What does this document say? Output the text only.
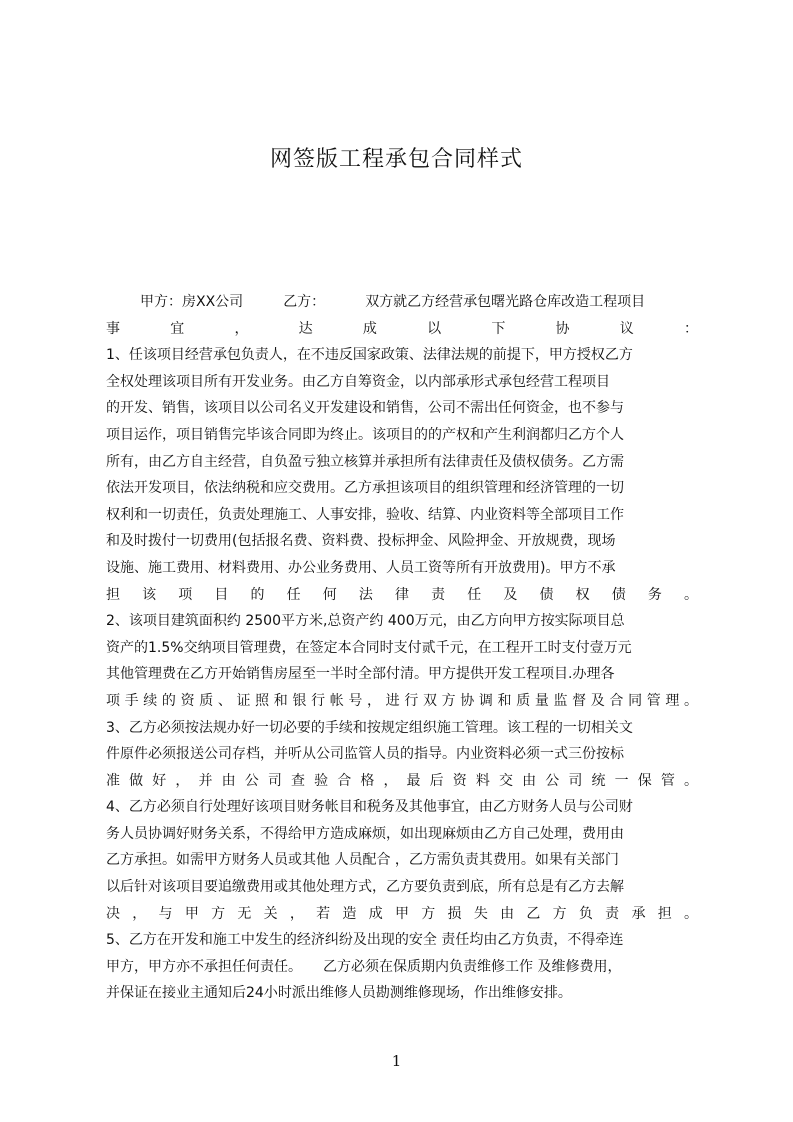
网签版工程承包合同样式
甲方：房XX公司	乙方：	双方就乙方经营承包曙光路仓库改造工程项目
事宜，达成以下协议：
1、任该项目经营承包负责人，在不违反国家政策、法律法规的前提下，甲方授权乙方
全权处理该项目所有开发业务。由乙方自筹资金，以内部承形式承包经营工程项目
的开发、销售，该项目以公司名义开发建设和销售，公司不需出任何资金，也不参与
项目运作，项目销售完毕该合同即为终止。该项目的的产权和产生利润都归乙方个人
所有，由乙方自主经营，自负盈亏独立核算并承担所有法律责任及债权债务。乙方需
依法开发项目，依法纳税和应交费用。乙方承担该项目的组织管理和经济管理的一切
权利和一切责任，负责处理施工、人事安排，验收、结算、内业资料等全部项目工作
和及时拨付一切费用(包括报名费、资料费、投标押金、风险押金、开放规费，现场
设施、施工费用、材料费用、办公业务费用、人员工资等所有开放费用)。甲方不承
担该项目的任何法律责任及债权债务。
2、该项目建筑面积约 2500平方米,总资产约 400万元，由乙方向甲方按实际项目总
资产的1.5%交纳项目管理费，在签定本合同时支付贰千元，在工程开工时支付壹万元
其他管理费在乙方开始销售房屋至一半时全部付清。甲方提供开发工程项目.办理各
项手续的资质、证照和银行帐号，进行双方协调和质量监督及合同管理。
3、乙方必须按法规办好一切必要的手续和按规定组织施工管理。该工程的一切相关文
件原件必须报送公司存档，并听从公司监管人员的指导。内业资料必须一式三份按标
准做好，并由公司查验合格，最后资料交由公司统一保管。
4、乙方必须自行处理好该项目财务帐目和税务及其他事宜，由乙方财务人员与公司财
务人员协调好财务关系，不得给甲方造成麻烦，如出现麻烦由乙方自己处理，费用由
乙方承担。如需甲方财务人员或其他 人员配合 ，乙方需负责其费用。如果有关部门
以后针对该项目要追缴费用或其他处理方式，乙方要负责到底，所有总是有乙方去解
决，与甲方无关，若造成甲方损失由乙方负责承担。
5、乙方在开发和施工中发生的经济纠纷及出现的安全 责任均由乙方负责，不得牵连
甲方，甲方亦不承担任何责任。　　乙方必须在保质期内负责维修工作 及维修费用，
并保证在接业主通知后24小时派出维修人员勘测维修现场，作出维修安排。
1
